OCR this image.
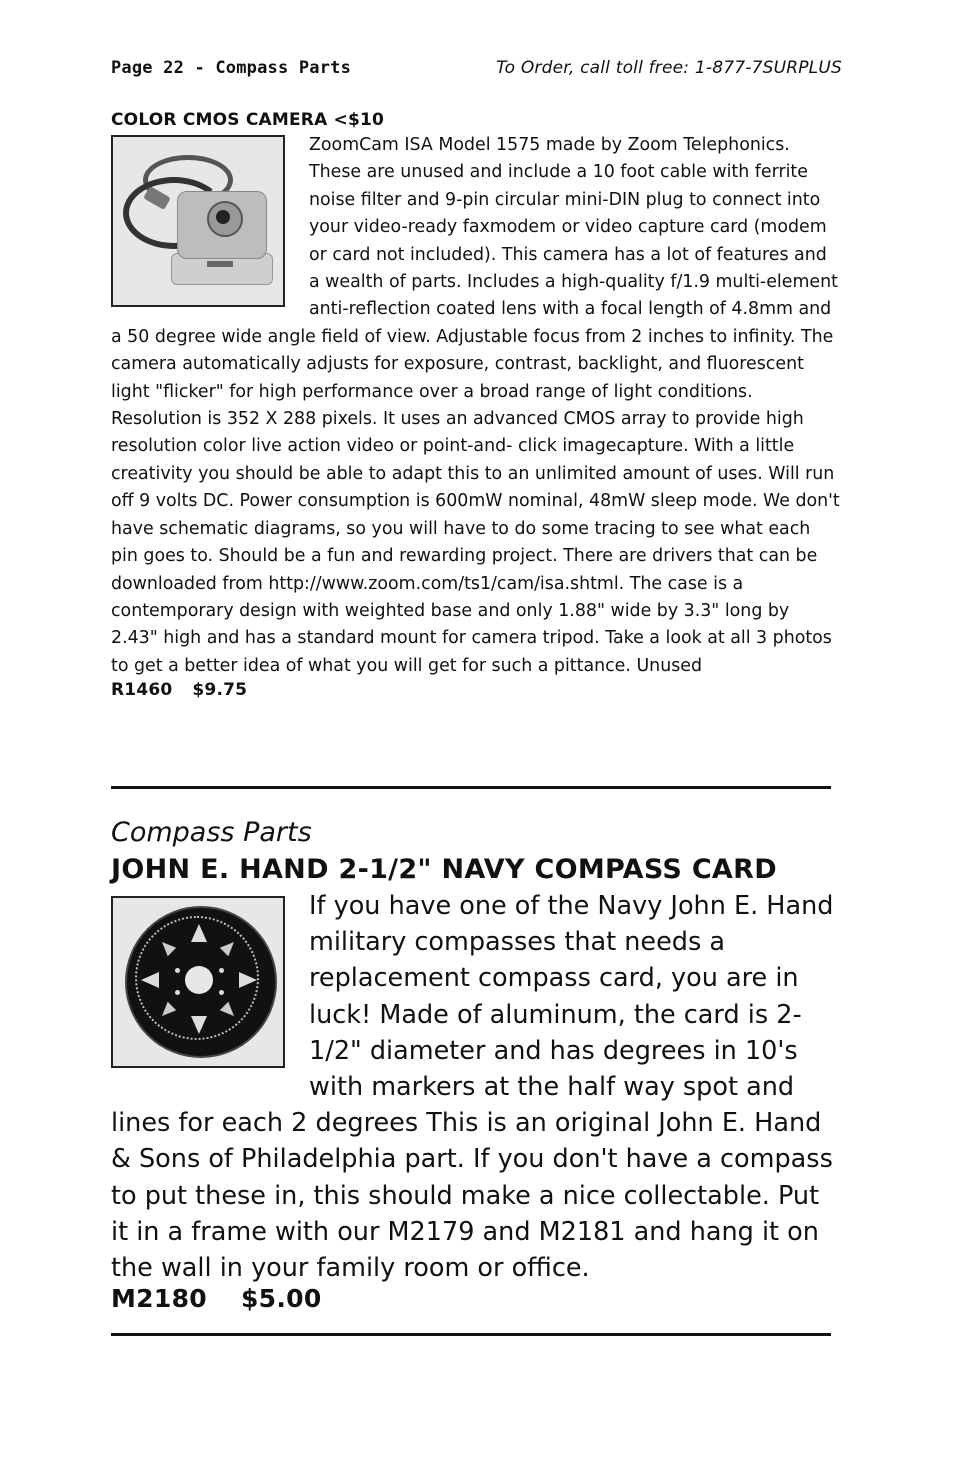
Page 22 - Compass Parts	To Order, call toll free: 1-877-7SURPLUS
COLOR CMOS CAMERA <$10

ZoomCam ISA Model 1575 made by Zoom Telephonics. These are unused and include a 10 foot cable with ferrite noise filter and 9-pin circular mini-DIN plug to connect into your video-ready faxmodem or video capture card (modem or card not included). This camera has a lot of features and a wealth of parts. Includes a high-quality f/1.9 multi-element anti-reflection coated lens with a focal length of 4.8mm and a 50 degree wide angle field of view. Adjustable focus from 2 inches to infinity. The camera automatically adjusts for exposure, contrast, backlight, and fluorescent light "flicker" for high performance over a broad range of light conditions. Resolution is 352 X 288 pixels. It uses an advanced CMOS array to provide high resolution color live action video or point-and- click imagecapture. With a little creativity you should be able to adapt this to an unlimited amount of uses. Will run off 9 volts DC. Power consumption is 600mW nominal, 48mW sleep mode. We don't have schematic diagrams, so you will have to do some tracing to see what each pin goes to. Should be a fun and rewarding project. There are drivers that can be downloaded from http://www.zoom.com/ts1/cam/isa.shtml. The case is a contemporary design with weighted base and only 1.88" wide by 3.3" long by 2.43" high and has a standard mount for camera tripod. Take a look at all 3 photos to get a better idea of what you will get for such a pittance. Unused

R1460 $9.75
Compass Parts
JOHN E. HAND 2-1/2" NAVY COMPASS CARD

If you have one of the Navy John E. Hand military compasses that needs a replacement compass card, you are in luck! Made of aluminum, the card is 2-1/2" diameter and has degrees in 10's with markers at the half way spot and lines for each 2 degrees This is an original John E. Hand & Sons of Philadelphia part. If you don't have a compass to put these in, this should make a nice collectable. Put it in a frame with our M2179 and M2181 and hang it on the wall in your family room or office.

M2180 $5.00
